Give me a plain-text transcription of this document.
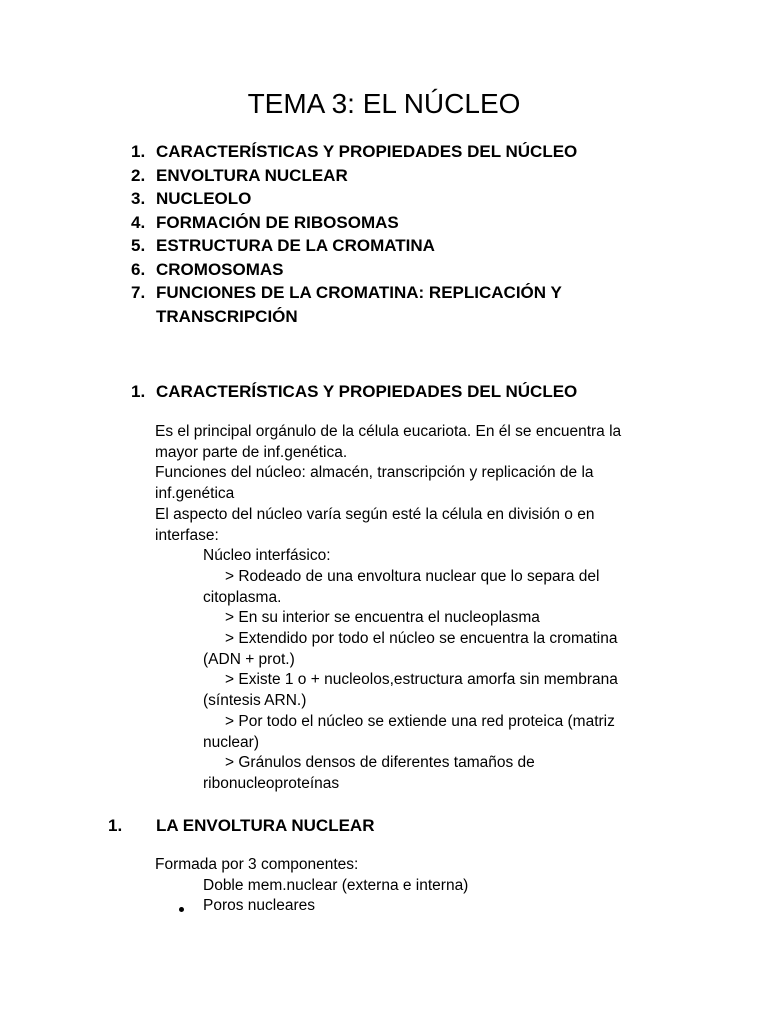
TEMA 3: EL NÚCLEO
1. CARACTERÍSTICAS Y PROPIEDADES DEL NÚCLEO
2. ENVOLTURA NUCLEAR
3. NUCLEOLO
4. FORMACIÓN DE RIBOSOMAS
5. ESTRUCTURA DE LA CROMATINA
6. CROMOSOMAS
7. FUNCIONES DE LA CROMATINA: REPLICACIÓN Y
TRANSCRIPCIÓN
1. CARACTERÍSTICAS Y PROPIEDADES DEL NÚCLEO
Es el principal orgánulo de la célula eucariota. En él se encuentra la
mayor parte de inf.genética.
Funciones del núcleo: almacén, transcripción y replicación de la
inf.genética
El aspecto del núcleo varía según esté la célula en división o en
interfase:
Núcleo interfásico:
> Rodeado de una envoltura nuclear que lo separa del
citoplasma.
> En su interior se encuentra el nucleoplasma
> Extendido por todo el núcleo se encuentra la cromatina
(ADN + prot.)
> Existe 1 o + nucleolos,estructura amorfa sin membrana
(síntesis ARN.)
> Por todo el núcleo se extiende una red proteica (matriz
nuclear)
> Gránulos densos de diferentes tamaños de
ribonucleoproteínas
1. LA ENVOLTURA NUCLEAR
Formada por 3 componentes:
Doble mem.nuclear (externa e interna)
Poros nucleares
